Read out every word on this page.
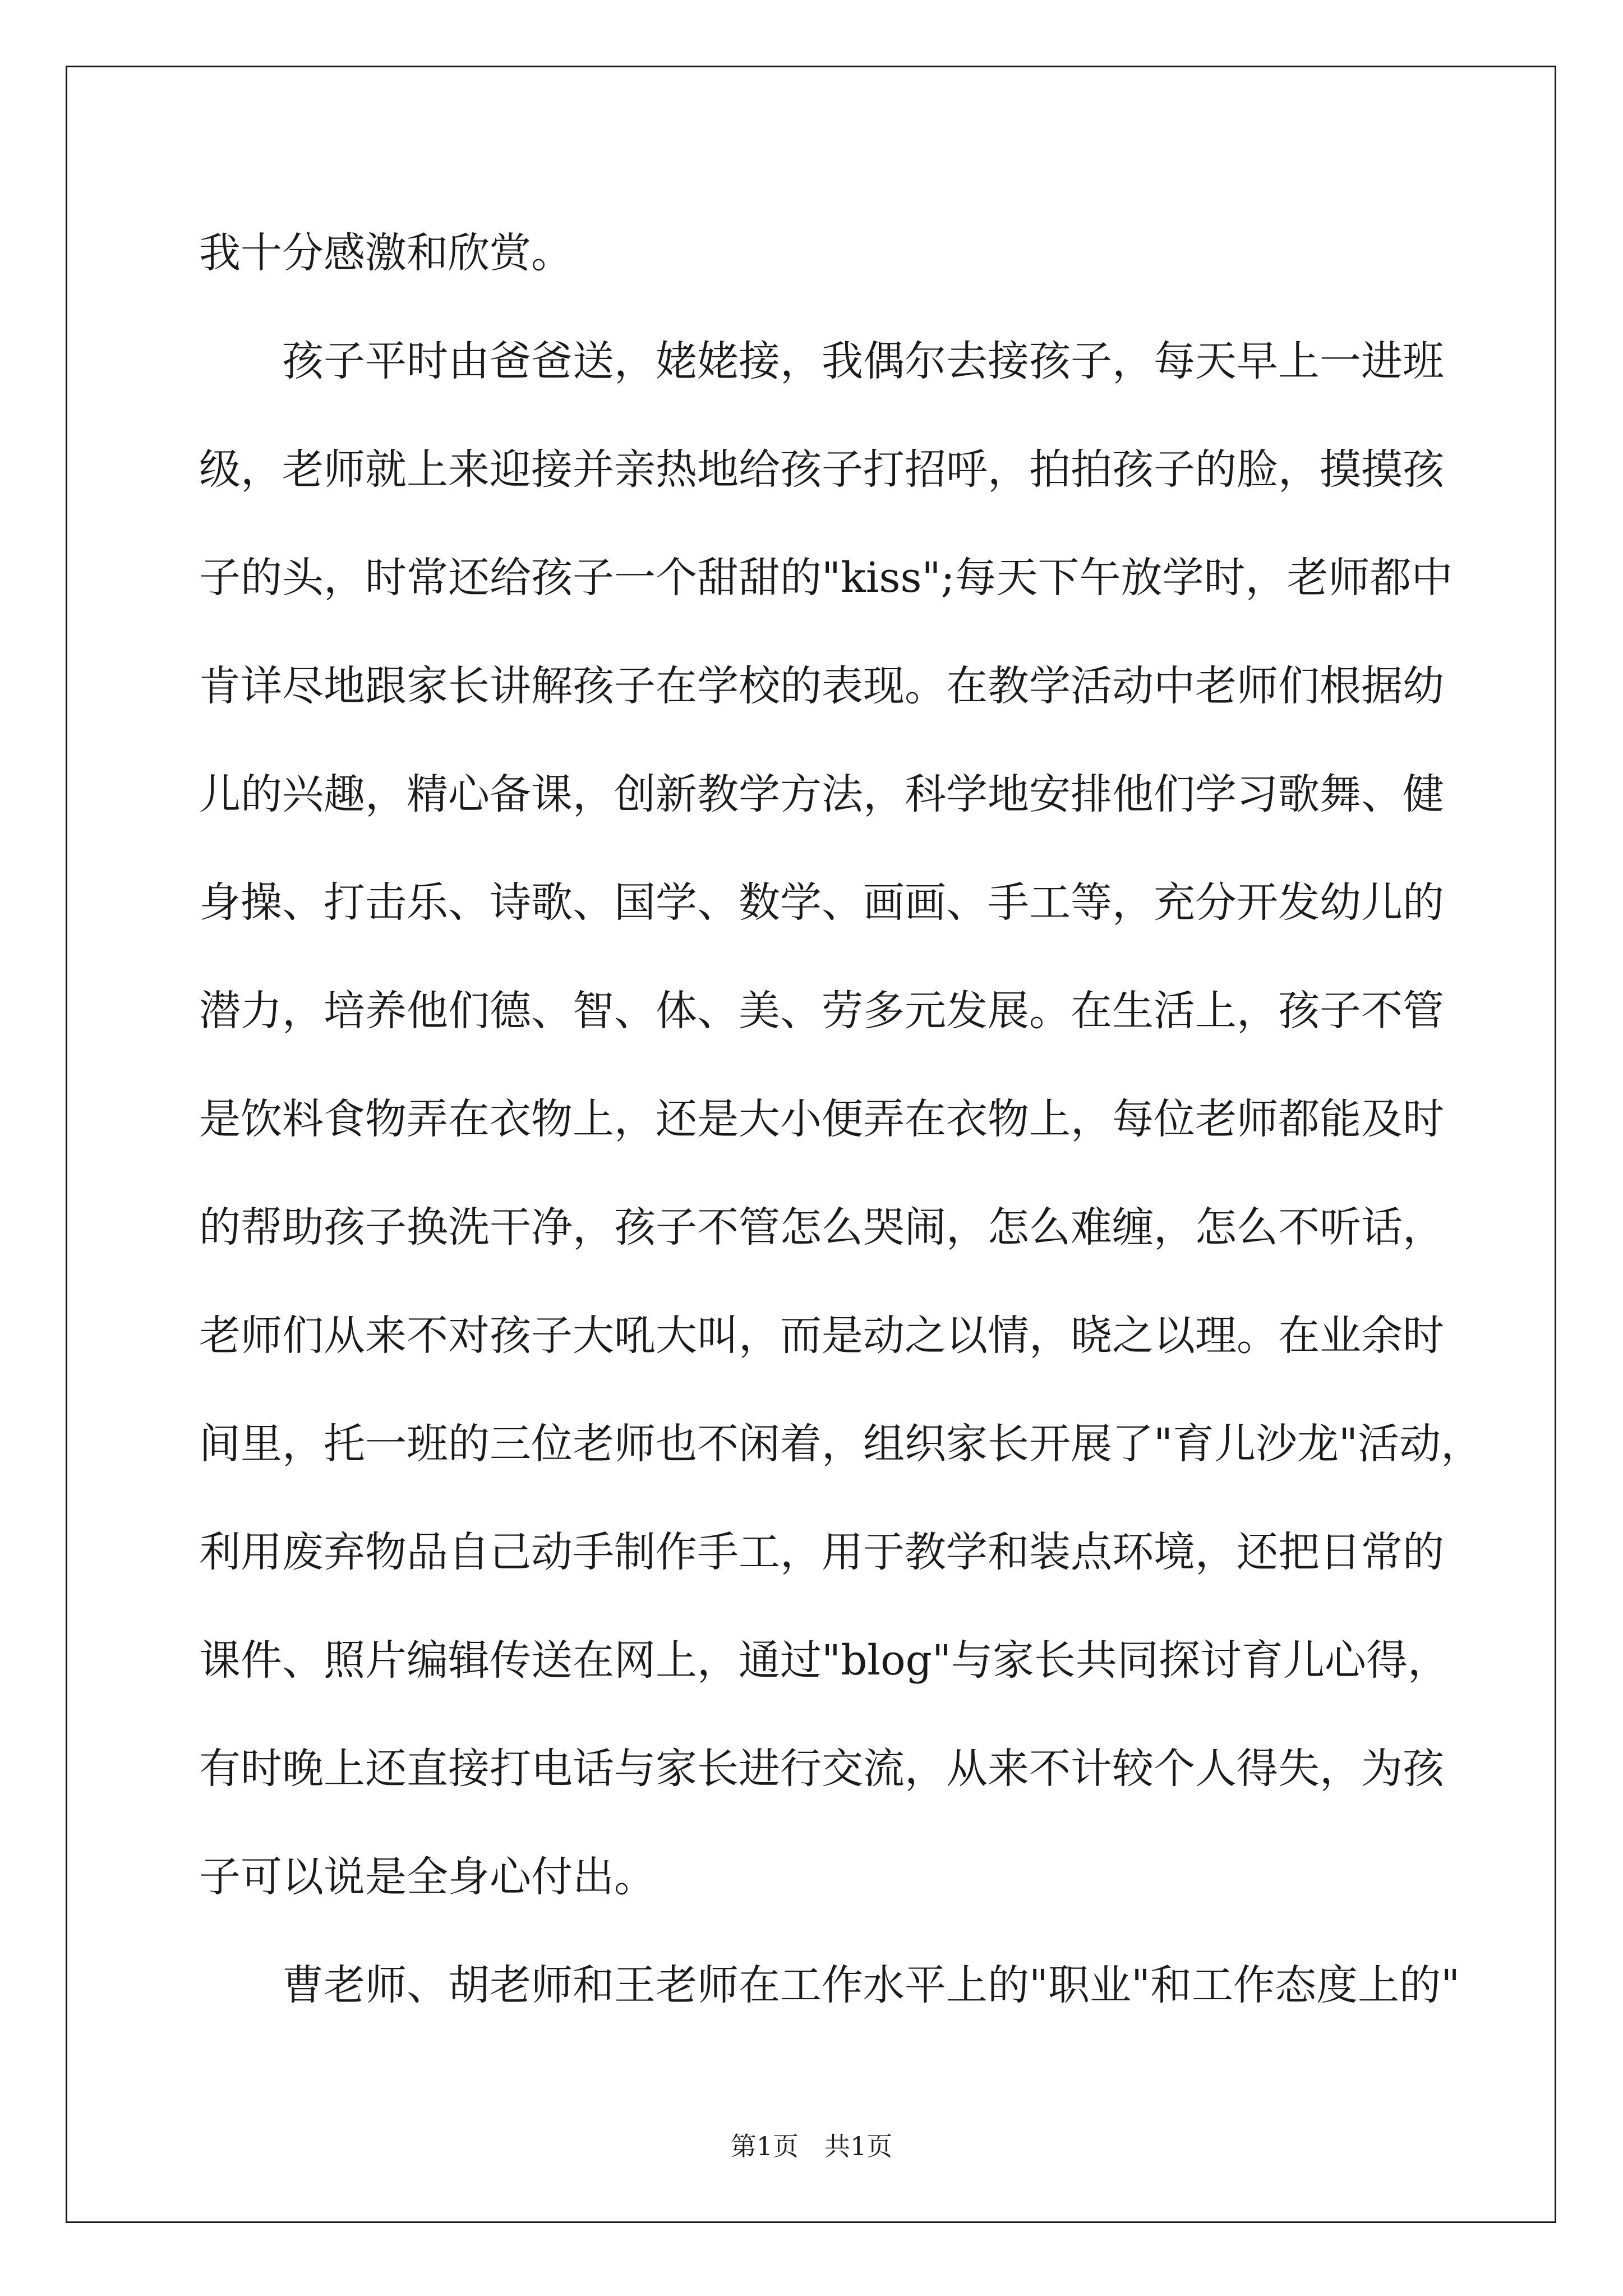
我十分感激和欣赏。
孩子平时由爸爸送，姥姥接，我偶尔去接孩子，每天早上一进班
级，老师就上来迎接并亲热地给孩子打招呼，拍拍孩子的脸，摸摸孩
子的头，时常还给孩子一个甜甜的"kiss";每天下午放学时，老师都中
肯详尽地跟家长讲解孩子在学校的表现。在教学活动中老师们根据幼
儿的兴趣，精心备课，创新教学方法，科学地安排他们学习歌舞、健
身操、打击乐、诗歌、国学、数学、画画、手工等，充分开发幼儿的
潜力，培养他们德、智、体、美、劳多元发展。在生活上，孩子不管
是饮料食物弄在衣物上，还是大小便弄在衣物上，每位老师都能及时
的帮助孩子换洗干净，孩子不管怎么哭闹，怎么难缠，怎么不听话，
老师们从来不对孩子大吼大叫，而是动之以情，晓之以理。在业余时
间里，托一班的三位老师也不闲着，组织家长开展了"育儿沙龙"活动，
利用废弃物品自己动手制作手工，用于教学和装点环境，还把日常的
课件、照片编辑传送在网上，通过"blog"与家长共同探讨育儿心得，
有时晚上还直接打电话与家长进行交流，从来不计较个人得失，为孩
子可以说是全身心付出。
曹老师、胡老师和王老师在工作水平上的"职业"和工作态度上的"
第1页 共1页
